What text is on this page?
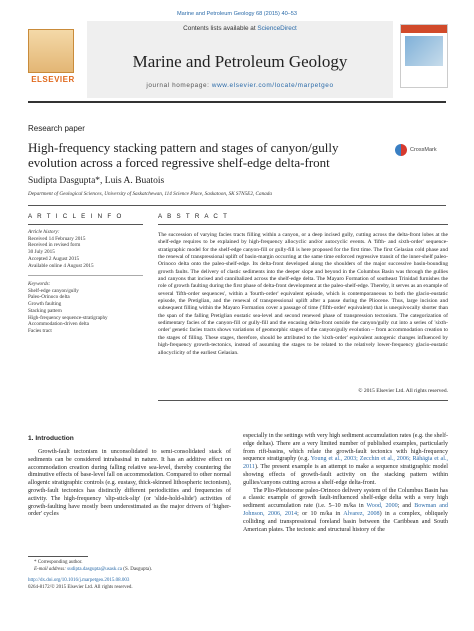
Marine and Petroleum Geology 68 (2015) 40–53
ELSEVIER
Contents lists available at ScienceDirect
Marine and Petroleum Geology
journal homepage: www.elsevier.com/locate/marpetgeo

Research paper
High-frequency stacking pattern and stages of canyon/gully evolution across a forced regressive shelf-edge delta-front
CrossMark
Sudipta Dasgupta*, Luis A. Buatois
Department of Geological Sciences, University of Saskatchewan, 114 Science Place, Saskatoon, SK S7N5E2, Canada
A R T I C L E I N F O
Article history:
Received 14 February 2015
Received in revised form
30 July 2015
Accepted 2 August 2015
Available online 4 August 2015
Keywords:
Shelf-edge canyon/gully
Paleo-Orinoco delta
Growth faulting
Stacking pattern
High-frequency sequence-stratigraphy
Accommodation-driven delta
Facies tract
A B S T R A C T
The succession of varying facies tracts filling within a canyon, or a deep incised gully, cutting across the delta-front lobes at the shelf-edge requires to be explained by high-frequency allocyclic and/or autocyclic events. A 'fifth- and sixth-order' sequence-stratigraphic model for the shelf-edge canyon-fill or gully-fill is here proposed for the first time. The first Gelasian cold phase and the renewal of transpressional uplift of basin-margin occurring at the same time enforced regressive transit of the inner-shelf paleo-Orinoco delta onto the paleo-shelf-edge. Its delta-front developed along the shoulders of the major successive basin-bounding growth faults. The delivery of clastic sediments into the deeper slope and beyond in the Columbus Basin was through the gullies and canyons that incised and cannibalized across the shelf-edge delta. The Mayaro Formation of southeast Trinidad furnishes the role of growth faulting during the first phase of delta-front development at the paleo-shelf-edge. Thereby, it serves as an example of several 'fifth-order sequences', within a 'fourth-order' equivalent episode, which is contemporaneous to both the glacio-eustatic episode, the Pretiglian, and the renewal of transpressional uplift after a pause during the Pliocene. Thus, large incision and subsequent filling within the Mayaro Formation cover a passage of time ('fifth-order' equivalent) that is unequivocally shorter than the span of the falling Pretiglian eustatic sea-level and second renewed phase of transpression tectonism. The categorization of sedimentary facies of the canyon-fill or gully-fill and the encasing delta-front outside the canyon/gully cut into a series of 'sixth-order' genetic facies tracts shows variations of geomorphic stages of the canyon/gully evolution – from accommodation creation to the stages of filling. These stages, therefore, should be attributed to the 'sixth-order' equivalent autogenic changes influenced by high-frequency growth-tectonics, instead of assuming the stages to be related to the relatively lower-frequency glacio-eustatic allocyclicity of the earliest Gelasian.
© 2015 Elsevier Ltd. All rights reserved.
1. Introduction

Growth-fault tectonism in unconsolidated to semi-consolidated stack of sediments can be considered intrabasinal in nature. It has an additive effect on accommodation creation during falling relative sea-level, thereby countering the diminutive effects of base-level fall on accommodation. Compared to other normal allogenic stratigraphic controls (e.g. eustasy, thick-skinned lithospheric tectonism), growth-fault tectonics has distinctly different periodicities and frequencies of activity. The high-frequency 'slip-stick-slip' (or 'slide-hold-slide') activities of growth-faulting have mostly been underestimated as the major drivers of 'higher-order' cycles

especially in the settings with very high sediment accumulation rates (e.g. the shelf-edge deltas). There are a very limited number of published examples, particularly from rift-basins, which relate the growth-fault tectonics with high-frequency sequence stratigraphy (e.g. Young et al., 2003; Zecchin et al., 2006; Rāhāgia et al., 2011). The present example is an attempt to make a sequence stratigraphic model showing effects of growth-fault activity on the stacking pattern within gullies/canyons cutting across a shelf-edge delta-front.

The Plio-Pleistocene paleo-Orinoco delivery system of the Columbus Basin has a classic example of growth fault-influenced shelf-edge delta with a very high sediment accumulation rate (i.e. 5–10 m/ka in Wood, 2000; and Bowman and Johnson, 2006, 2014; or 10 m/ka in Alvarez, 2008) in a complex, obliquely colliding and transpressional foreland basin between the Caribbean and South American plates. The tectonic and structural history of the

* Corresponding author.
E-mail address: sudipta.dasgupta@usask.ca (S. Dasgupta).
http://dx.doi.org/10.1016/j.marpetgeo.2015.08.003
0264-8172/© 2015 Elsevier Ltd. All rights reserved.
